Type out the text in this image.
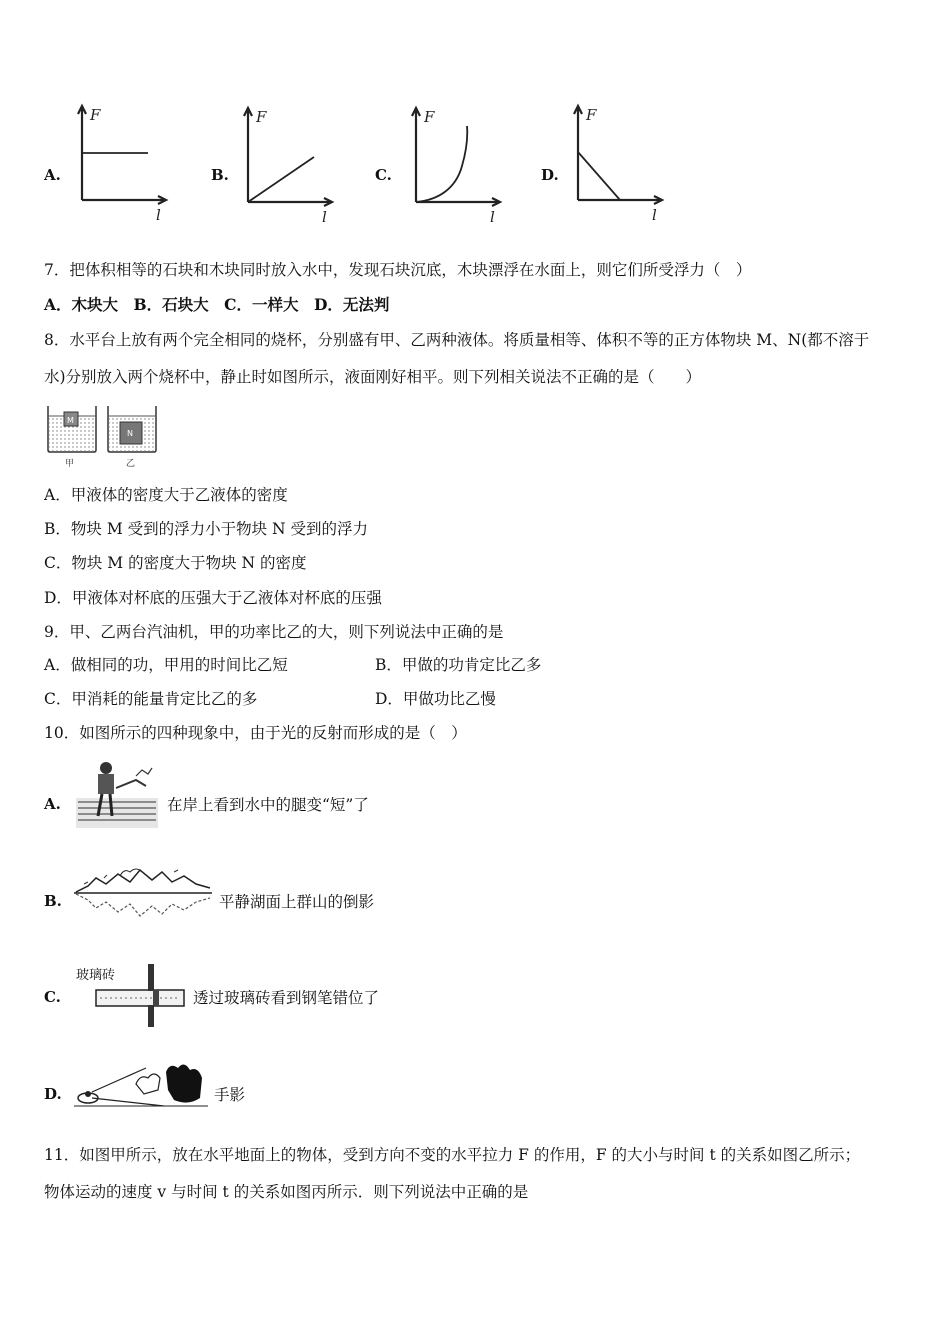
A.
F
l
B.
F
l
C.
F
l
D.
F
l
7．把体积相等的石块和木块同时放入水中，发现石块沉底，木块漂浮在水面上，则它们所受浮力（　）
A．木块大　B．石块大　C．一样大　D．无法判
8．水平台上放有两个完全相同的烧杯，分别盛有甲、乙两种液体。将质量相等、体积不等的正方体物块 M、N(都不溶于
水)分别放入两个烧杯中，静止时如图所示，液面刚好相平。则下列相关说法不正确的是（　　）
M
甲
N
乙
A．甲液体的密度大于乙液体的密度
B．物块 M 受到的浮力小于物块 N 受到的浮力
C．物块 M 的密度大于物块 N 的密度
D．甲液体对杯底的压强大于乙液体对杯底的压强
9．甲、乙两台汽油机，甲的功率比乙的大，则下列说法中正确的是
A．做相同的功，甲用的时间比乙短	B．甲做的功肯定比乙多
C．甲消耗的能量肯定比乙的多	D．甲做功比乙慢
10．如图所示的四种现象中，由于光的反射而形成的是（　）
A.	在岸上看到水中的腿变“短”了
B.	平静湖面上群山的倒影
C.
玻璃砖
透过玻璃砖看到钢笔错位了
D.	手影
11．如图甲所示，放在水平地面上的物体，受到方向不变的水平拉力 F 的作用，F 的大小与时间 t 的关系如图乙所示；
物体运动的速度 v 与时间 t 的关系如图丙所示．则下列说法中正确的是
